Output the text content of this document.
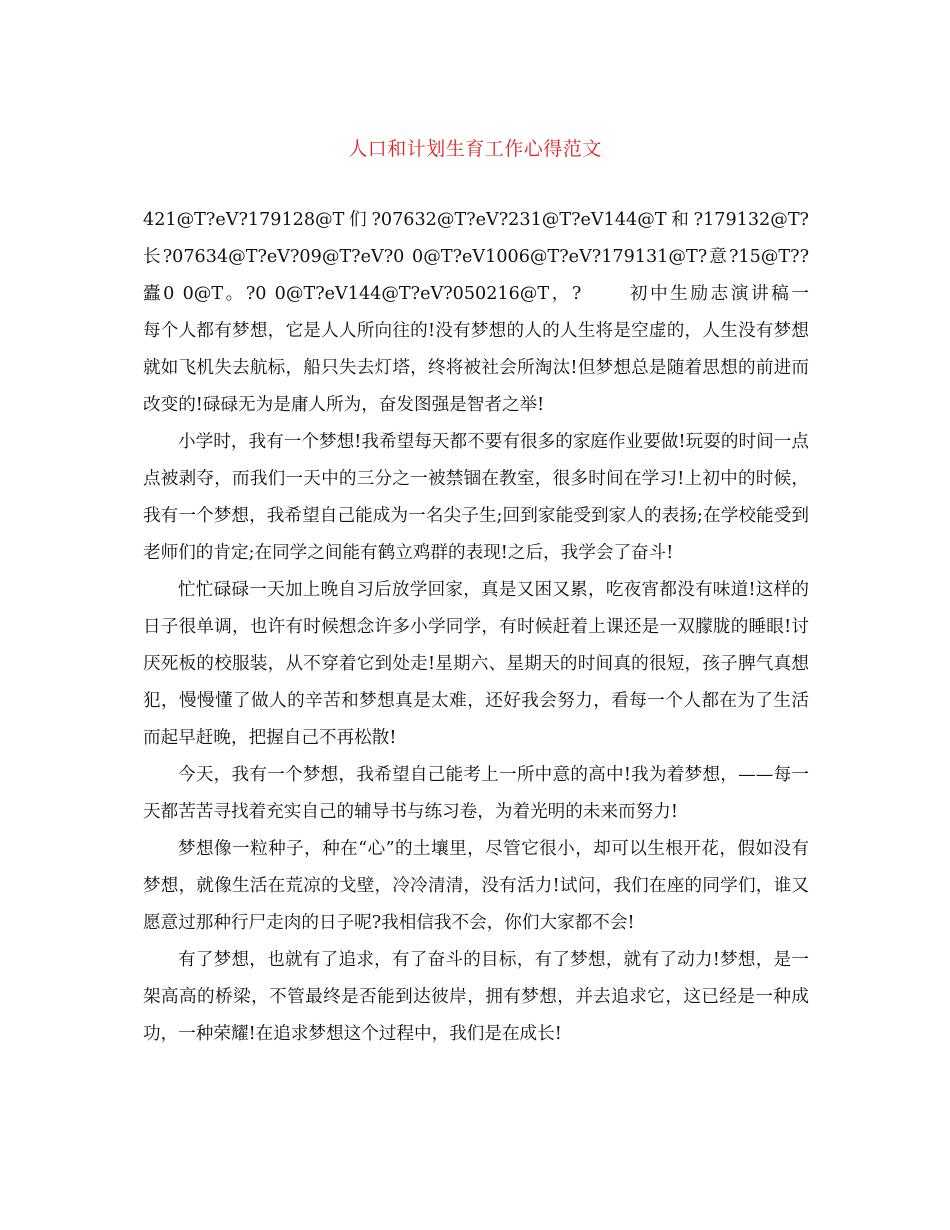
人口和计划生育工作心得范文

421@T?eV?179128@T们?07632@T?eV?231@T?eV144@T和?179132@T?长?07634@T?eV?09@T?eV?0 0@T?eV1006@T?eV?179131@T?意?15@T??蠹0 0@T。?0 0@T?eV144@T?eV?050216@T，? 　　初中生励志演讲稿一　　每个人都有梦想，它是人人所向往的!没有梦想的人的人生将是空虚的，人生没有梦想就如飞机失去航标，船只失去灯塔，终将被社会所淘汰!但梦想总是随着思想的前进而改变的!碌碌无为是庸人所为，奋发图强是智者之举!

小学时，我有一个梦想!我希望每天都不要有很多的家庭作业要做!玩耍的时间一点点被剥夺，而我们一天中的三分之一被禁锢在教室，很多时间在学习!上初中的时候，我有一个梦想，我希望自己能成为一名尖子生;回到家能受到家人的表扬;在学校能受到老师们的肯定;在同学之间能有鹤立鸡群的表现!之后，我学会了奋斗!

忙忙碌碌一天加上晚自习后放学回家，真是又困又累，吃夜宵都没有味道!这样的日子很单调，也许有时候想念许多小学同学，有时候赶着上课还是一双朦胧的睡眼!讨厌死板的校服装，从不穿着它到处走!星期六、星期天的时间真的很短，孩子脾气真想犯，慢慢懂了做人的辛苦和梦想真是太难，还好我会努力，看每一个人都在为了生活而起早赶晚，把握自己不再松散!

今天，我有一个梦想，我希望自己能考上一所中意的高中!我为着梦想，——每一天都苦苦寻找着充实自己的辅导书与练习卷，为着光明的未来而努力!

梦想像一粒种子，种在“心”的土壤里，尽管它很小，却可以生根开花，假如没有梦想，就像生活在荒凉的戈壁，冷冷清清，没有活力!试问，我们在座的同学们，谁又愿意过那种行尸走肉的日子呢?我相信我不会，你们大家都不会!

有了梦想，也就有了追求，有了奋斗的目标，有了梦想，就有了动力!梦想，是一架高高的桥梁，不管最终是否能到达彼岸，拥有梦想，并去追求它，这已经是一种成功，一种荣耀!在追求梦想这个过程中，我们是在成长!
